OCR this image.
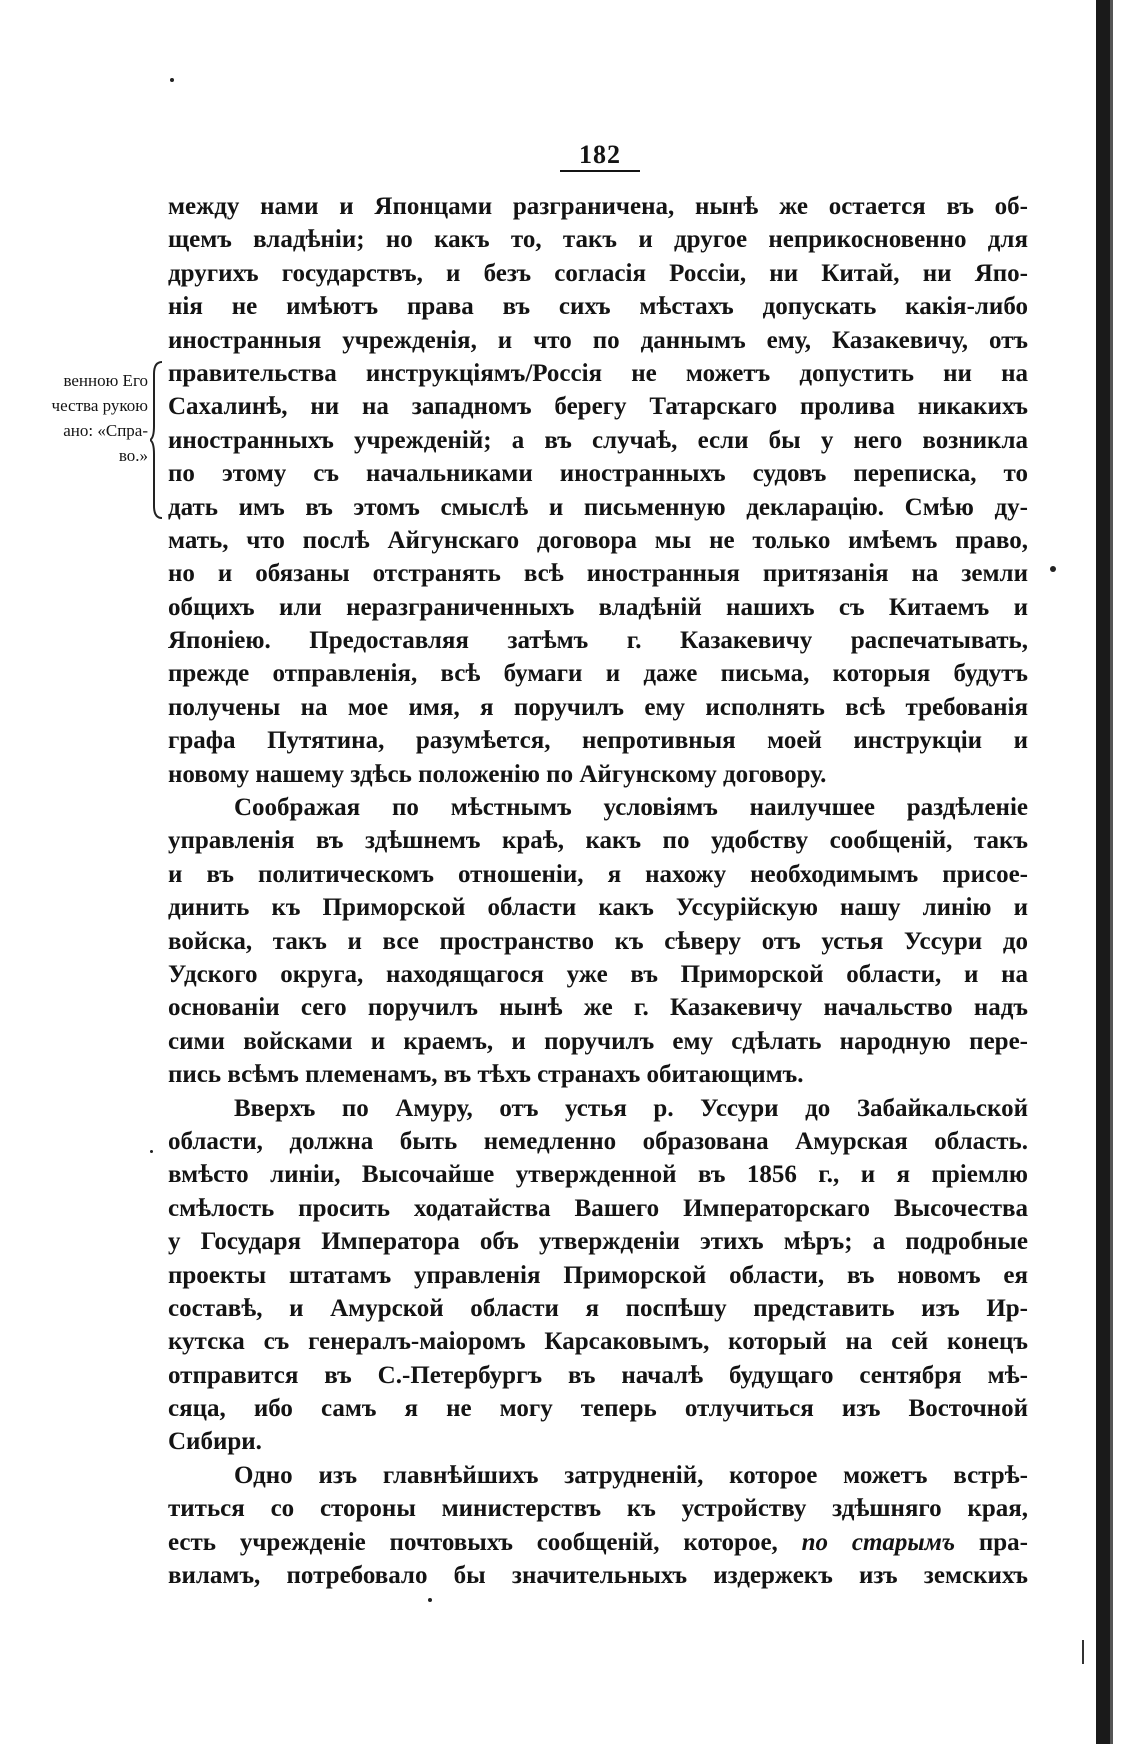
182
венною Его
чества рукою
ано: «Спра-
во.»
между нами и Японцами разграничена, нынѣ же остается въ об-
щемъ владѣніи; но какъ то, такъ и другое неприкосновенно для
другихъ государствъ, и безъ согласія Россіи, ни Китай, ни Япо-
нія не имѣютъ права въ сихъ мѣстахъ допускать какія-либо
иностранныя учрежденія, и что по даннымъ ему, Казакевичу, отъ
правительства инструкціямъ/Россія не можетъ допустить ни на
Сахалинѣ, ни на западномъ берегу Татарскаго пролива никакихъ
иностранныхъ учрежденій; а въ случаѣ, если бы у него возникла
по этому съ начальниками иностранныхъ судовъ переписка, то
дать имъ въ этомъ смыслѣ и письменную декларацію. Смѣю ду-
мать, что послѣ Айгунскаго договора мы не только имѣемъ право,
но и обязаны отстранять всѣ иностранныя притязанія на земли
общихъ или неразграниченныхъ владѣній нашихъ съ Китаемъ и
Японіею. Предоставляя затѣмъ г. Казакевичу распечатывать,
прежде отправленія, всѣ бумаги и даже письма, которыя будутъ
получены на мое имя, я поручилъ ему исполнять всѣ требованія
графа Путятина, разумѣется, непротивныя моей инструкціи и
новому нашему здѣсь положенію по Айгунскому договору.
Соображая по мѣстнымъ условіямъ наилучшее раздѣленіе
управленія въ здѣшнемъ краѣ, какъ по удобству сообщеній, такъ
и въ политическомъ отношеніи, я нахожу необходимымъ присое-
динить къ Приморской области какъ Уссурійскую нашу линію и
войска, такъ и все пространство къ сѣверу отъ устья Уссури до
Удского округа, находящагося уже въ Приморской области, и на
основаніи сего поручилъ нынѣ же г. Казакевичу начальство надъ
сими войсками и краемъ, и поручилъ ему сдѣлать народную пере-
пись всѣмъ племенамъ, въ тѣхъ странахъ обитающимъ.
Вверхъ по Амуру, отъ устья р. Уссури до Забайкальской
области, должна быть немедленно образована Амурская область.
вмѣсто линіи, Высочайше утвержденной въ 1856 г., и я пріемлю
смѣлость просить ходатайства Вашего Императорскаго Высочества
у Государя Императора объ утвержденіи этихъ мѣръ; а подробные
проекты штатамъ управленія Приморской области, въ новомъ ея
составѣ, и Амурской области я поспѣшу представить изъ Ир-
кутска съ генералъ-маіоромъ Карсаковымъ, который на сей конецъ
отправится въ С.-Петербургъ въ началѣ будущаго сентября мѣ-
сяца, ибо самъ я не могу теперь отлучиться изъ Восточной
Сибири.
Одно изъ главнѣйшихъ затрудненій, которое можетъ встрѣ-
титься со стороны министерствъ къ устройству здѣшняго края,
есть учрежденіе почтовыхъ сообщеній, которое, по старымъ пра-
виламъ, потребовало бы значительныхъ издержекъ изъ земскихъ
